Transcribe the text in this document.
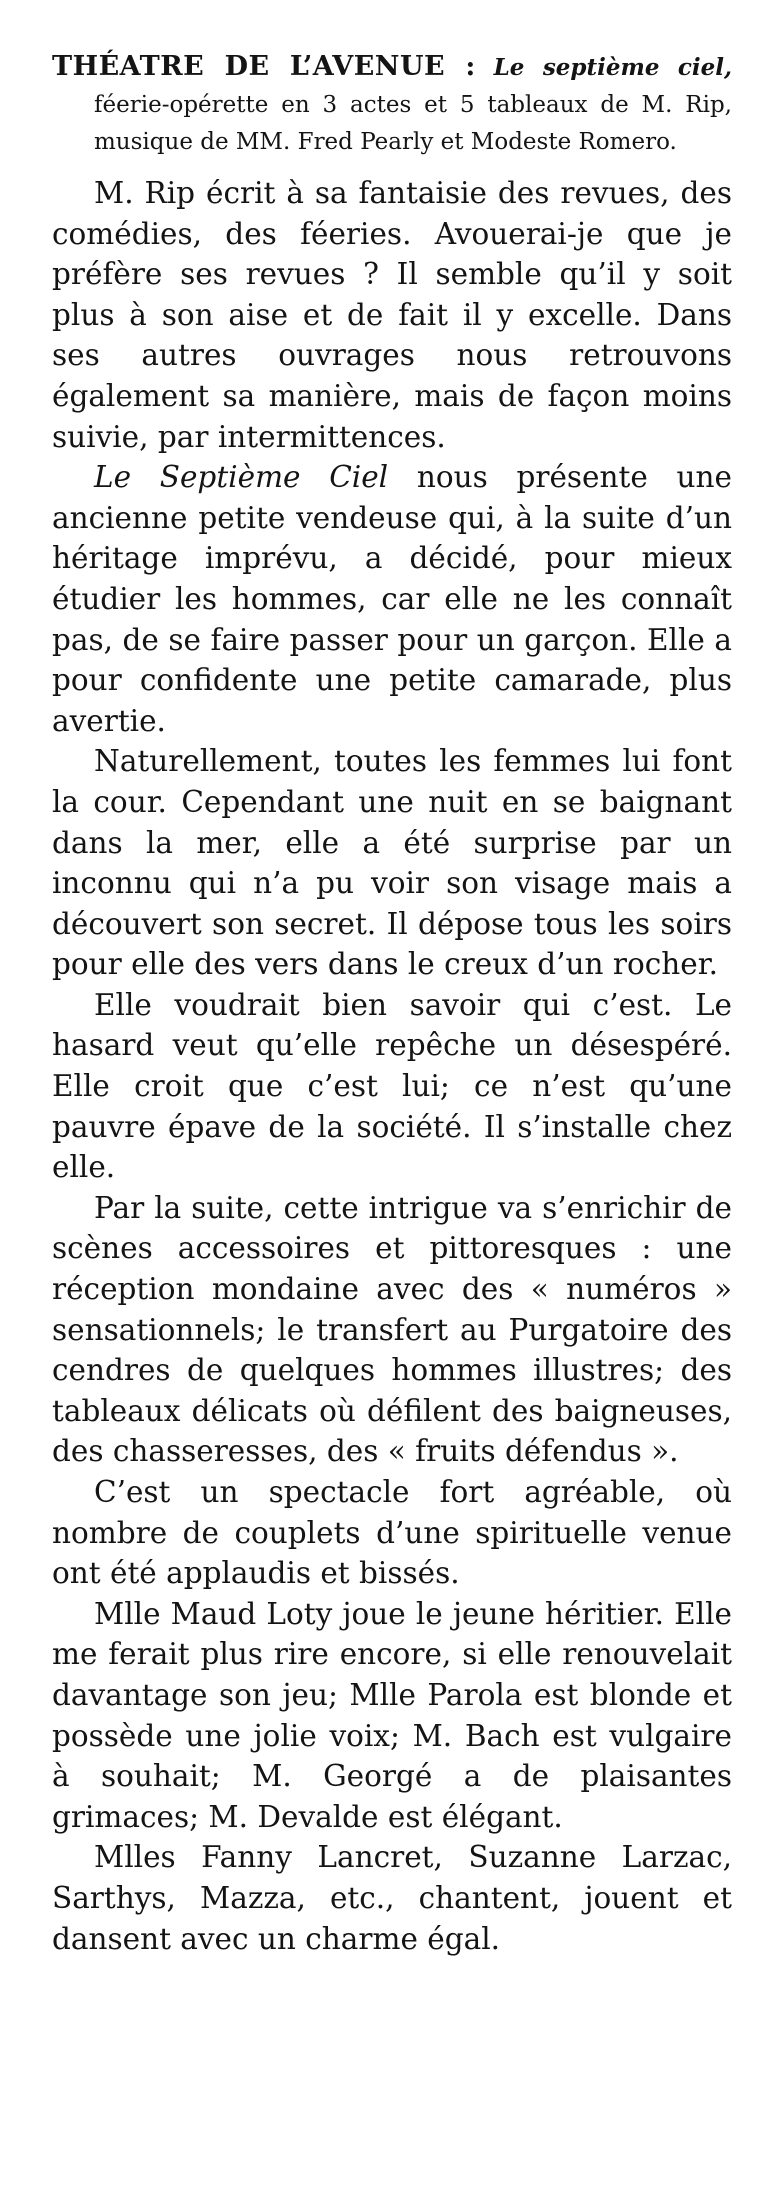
THÉATRE DE L’AVENUE : Le septième ciel, féerie-opérette en 3 actes et 5 tableaux de M. Rip, musique de MM. Fred Pearly et Modeste Romero.

M. Rip écrit à sa fantaisie des revues, des comédies, des féeries. Avouerai-je que je préfère ses revues ? Il semble qu’il y soit plus à son aise et de fait il y excelle. Dans ses autres ouvrages nous retrouvons également sa manière, mais de façon moins suivie, par intermittences.

Le Septième Ciel nous présente une ancienne petite vendeuse qui, à la suite d’un héritage imprévu, a décidé, pour mieux étudier les hommes, car elle ne les connaît pas, de se faire passer pour un garçon. Elle a pour confidente une petite camarade, plus avertie.

Naturellement, toutes les femmes lui font la cour. Cependant une nuit en se baignant dans la mer, elle a été surprise par un inconnu qui n’a pu voir son visage mais a découvert son secret. Il dépose tous les soirs pour elle des vers dans le creux d’un rocher.

Elle voudrait bien savoir qui c’est. Le hasard veut qu’elle repêche un désespéré. Elle croit que c’est lui; ce n’est qu’une pauvre épave de la société. Il s’installe chez elle.

Par la suite, cette intrigue va s’enrichir de scènes accessoires et pittoresques : une réception mondaine avec des « numéros » sensationnels; le transfert au Purgatoire des cendres de quelques hommes illustres; des tableaux délicats où défilent des baigneuses, des chasseresses, des « fruits défendus ».

C’est un spectacle fort agréable, où nombre de couplets d’une spirituelle venue ont été applaudis et bissés.

Mlle Maud Loty joue le jeune héritier. Elle me ferait plus rire encore, si elle renouvelait davantage son jeu; Mlle Parola est blonde et possède une jolie voix; M. Bach est vulgaire à souhait; M. Georgé a de plaisantes grimaces; M. Devalde est élégant.

Mlles Fanny Lancret, Suzanne Larzac, Sarthys, Mazza, etc., chantent, jouent et dansent avec un charme égal.
